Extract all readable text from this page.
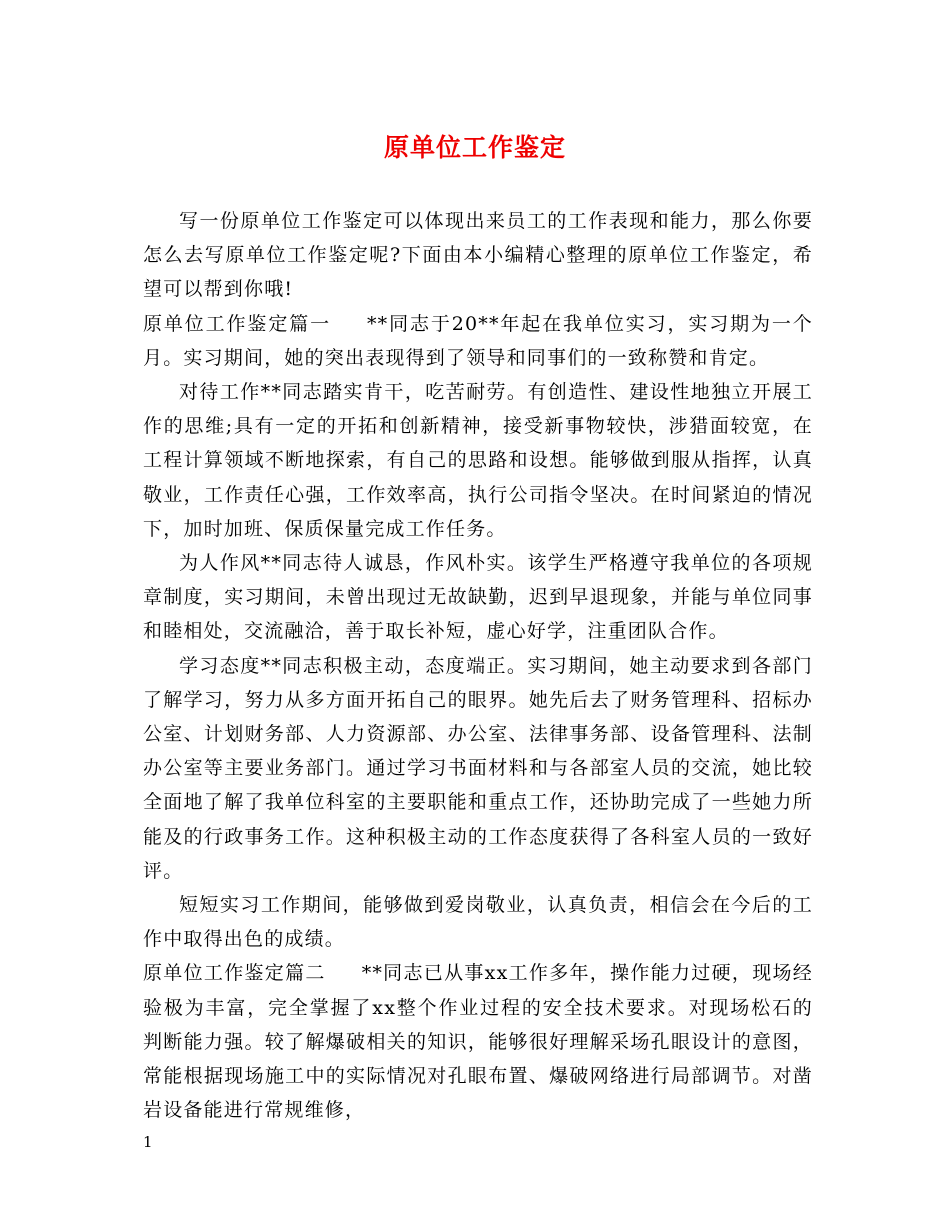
原单位工作鉴定

写一份原单位工作鉴定可以体现出来员工的工作表现和能力，那么你要怎么去写原单位工作鉴定呢?下面由本小编精心整理的原单位工作鉴定，希望可以帮到你哦!

原单位工作鉴定篇一 **同志于20**年起在我单位实习，实习期为一个月。实习期间，她的突出表现得到了领导和同事们的一致称赞和肯定。

对待工作**同志踏实肯干，吃苦耐劳。有创造性、建设性地独立开展工作的思维;具有一定的开拓和创新精神，接受新事物较快，涉猎面较宽，在工程计算领域不断地探索，有自己的思路和设想。能够做到服从指挥，认真敬业，工作责任心强，工作效率高，执行公司指令坚决。在时间紧迫的情况下，加时加班、保质保量完成工作任务。

为人作风**同志待人诚恳，作风朴实。该学生严格遵守我单位的各项规章制度，实习期间，未曾出现过无故缺勤，迟到早退现象，并能与单位同事和睦相处，交流融洽，善于取长补短，虚心好学，注重团队合作。

学习态度**同志积极主动，态度端正。实习期间，她主动要求到各部门了解学习，努力从多方面开拓自己的眼界。她先后去了财务管理科、招标办公室、计划财务部、人力资源部、办公室、法律事务部、设备管理科、法制办公室等主要业务部门。通过学习书面材料和与各部室人员的交流，她比较全面地了解了我单位科室的主要职能和重点工作，还协助完成了一些她力所能及的行政事务工作。这种积极主动的工作态度获得了各科室人员的一致好评。

短短实习工作期间，能够做到爱岗敬业，认真负责，相信会在今后的工作中取得出色的成绩。

原单位工作鉴定篇二 **同志已从事xx工作多年，操作能力过硬，现场经验极为丰富，完全掌握了xx整个作业过程的安全技术要求。对现场松石的判断能力强。较了解爆破相关的知识，能够很好理解采场孔眼设计的意图，常能根据现场施工中的实际情况对孔眼布置、爆破网络进行局部调节。对凿岩设备能进行常规维修，

1
